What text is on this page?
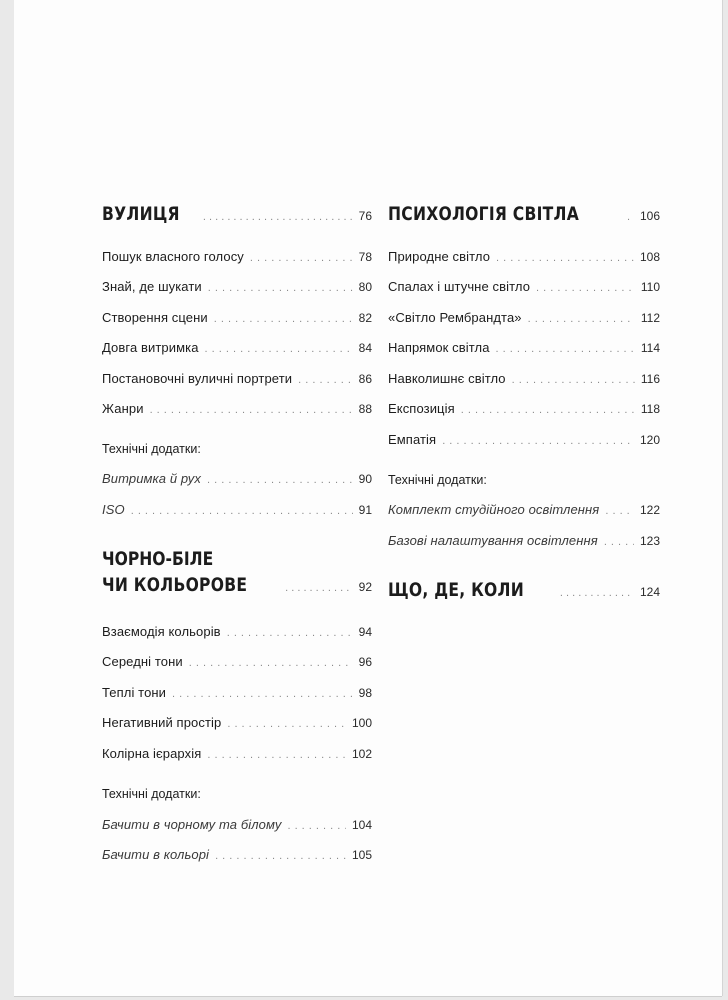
ВУЛИЦЯ . . .	76
Пошук власного голосу . . .	78
Знай, де шукати . . .	80
Створення сцени . . .	82
Довга витримка . . .	84
Постановочні вуличні портрети . . .	86
Жанри . . .	88
Технічні додатки:
Витримка й рух . . .	90
ISO . . .	91
ЧОРНО-БІЛЕ
ЧИ КОЛЬОРОВЕ . . .	92
Взаємодія кольорів . . .	94
Середні тони . . .	96
Теплі тони . . .	98
Негативний простір . . .	100
Колірна ієрархія . . .	102
Технічні додатки:
Бачити в чорному та білому . . .	104
Бачити в кольорі . . .	105
ПСИХОЛОГІЯ СВІТЛА . . .	106
Природне світло . . .	108
Спалах і штучне світло . . .	110
«Світло Рембрандта» . . .	112
Напрямок світла . . .	114
Навколишнє світло . . .	116
Експозиція . . .	118
Емпатія . . .	120
Технічні додатки:
Комплект студійного освітлення . . .	122
Базові налаштування освітлення . . .	123
ЩО, ДЕ, КОЛИ . . .	124
